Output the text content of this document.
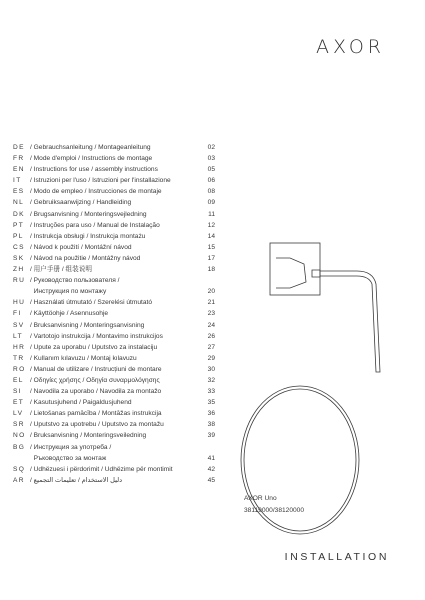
AXOR
DE / Gebrauchsanleitung / Montageanleitung	02
FR / Mode d'emploi / Instructions de montage	03
EN / Instructions for use / assembly instructions	05
IT	/ Istruzioni per l'uso / Istruzioni per l'installazione	06
ES / Modo de empleo / Instrucciones de montaje	08
NL / Gebruiksaanwijzing / Handleiding	09
DK / Brugsanvisning / Monteringsvejledning	11
PT / Instruções para uso / Manual de Instalação	12
PL / Instrukcja obsługi / Instrukcja montażu	14
CS / Návod k použití / Montážní návod	15
SK / Návod na použitie / Montážny návod	17
ZH / 用户手册 / 组装说明	18
RU / Руководство пользователя /
Инструкция по монтажу	20
HU / Használati útmutató / Szerelési útmutató	21
FI	/ Käyttöohje / Asennusohje	23
SV / Bruksanvisning / Monteringsanvisning	24
LT	/ Vartotojo instrukcija / Montavimo instrukcijos	26
HR / Upute za uporabu / Uputstvo za instalaciju	27
TR / Kullanım kılavuzu / Montaj kılavuzu	29
RO / Manual de utilizare / Instrucțiuni de montare	30
EL / Οδηγίες χρήσης / Οδηγία συναρμολόγησης	32
SI	/ Navodila za uporabo / Navodila za montažo	33
ET / Kasutusjuhend / Paigaldusjuhend	35
LV	/ Lietošanas pamācība / Montāžas instrukcija	36
SR / Uputstvo za upotrebu / Uputstvo za montažu	38
NO / Bruksanvisning / Monteringsveiledning	39
BG / Инструкция за употреба /
Ръководство за монтаж	41
SQ / Udhëzuesi i përdorimit / Udhëzime për montimit	42
AR / دليل الاستخدام / تعليمات التجميع	45
AXOR Uno
38119000/38120000
INSTALLATION
